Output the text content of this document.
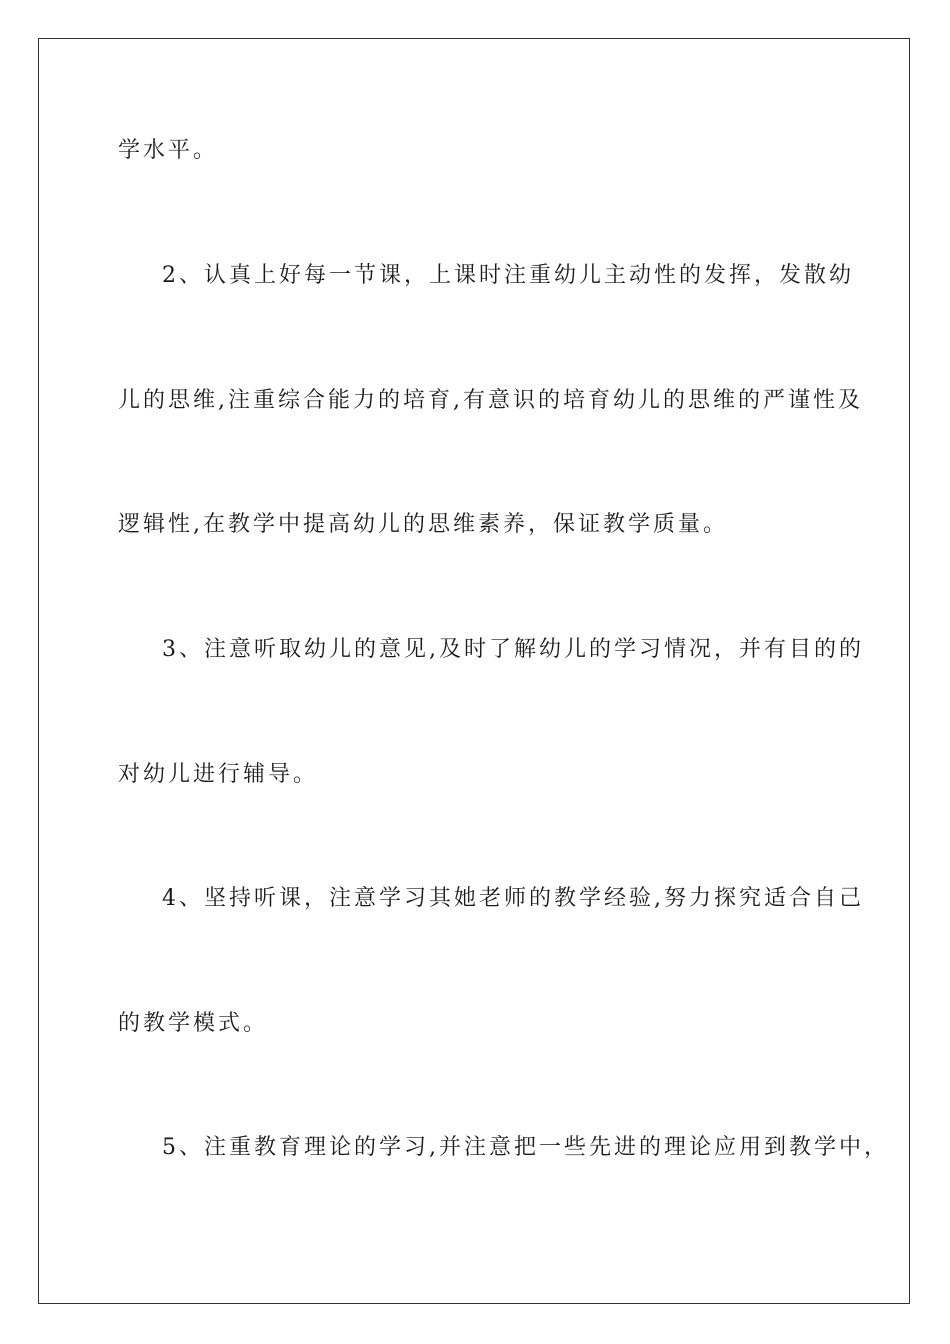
学水平。
2、认真上好每一节课，上课时注重幼儿主动性的发挥，发散幼
儿的思维,注重综合能力的培育,有意识的培育幼儿的思维的严谨性及
逻辑性,在教学中提高幼儿的思维素养，保证教学质量。
3、注意听取幼儿的意见,及时了解幼儿的学习情况，并有目的的
对幼儿进行辅导。
4、坚持听课，注意学习其她老师的教学经验,努力探究适合自己
的教学模式。
5、注重教育理论的学习,并注意把一些先进的理论应用到教学中，
